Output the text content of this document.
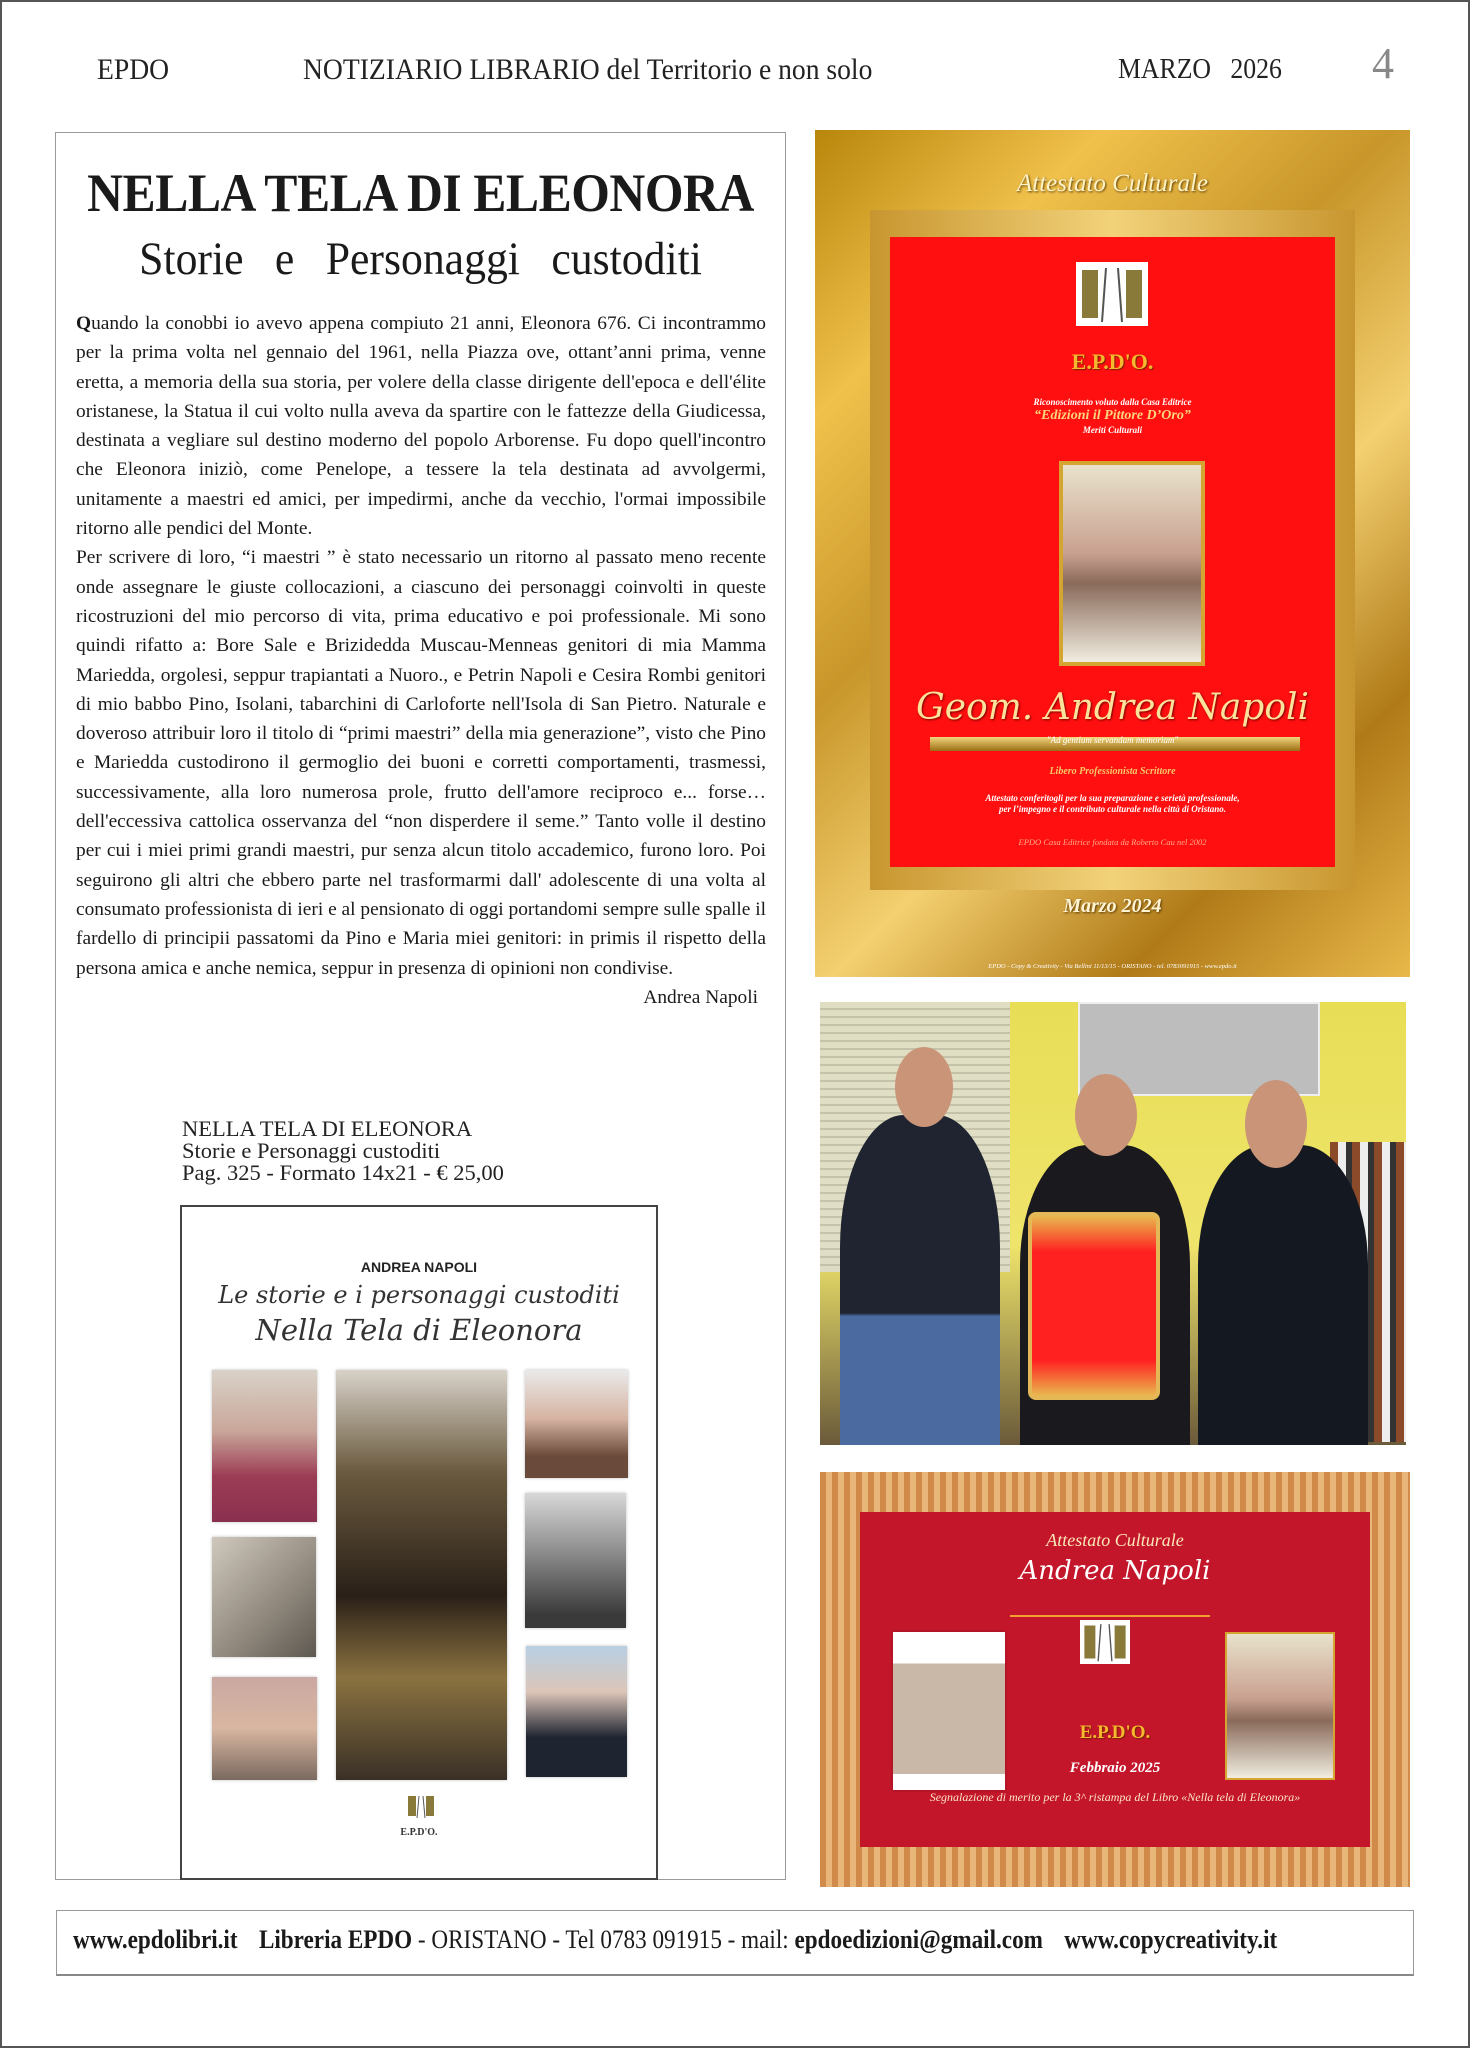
EPDO	NOTIZIARIO LIBRARIO del Territorio e non solo	MARZO   2026 4
NELLA TELA DI ELEONORA
Storie e Personaggi custoditi

Quando la conobbi io avevo appena compiuto 21 anni, Eleonora 676. Ci incontrammo per la prima volta nel gennaio del 1961, nella Piazza ove, ottant’anni prima, venne eretta, a memoria della sua storia, per volere della classe dirigente dell'epoca e dell'élite oristanese, la Statua il cui volto nulla aveva da spartire con le fattezze della Giudicessa, destinata a vegliare sul destino moderno del popolo Arborense. Fu dopo quell'incontro che Eleonora iniziò, come Penelope, a tessere la tela destinata ad avvolgermi, unitamente a maestri ed amici, per impedirmi, anche da vecchio, l'ormai impossibile ritorno alle pendici del Monte.

Per scrivere di loro, “i maestri ” è stato necessario un ritorno al passato meno recente onde assegnare le giuste collocazioni, a ciascuno dei personaggi coinvolti in queste ricostruzioni del mio percorso di vita, prima educativo e poi professionale. Mi sono quindi rifatto a: Bore Sale e Brizidedda Muscau-Menneas genitori di mia Mamma Mariedda, orgolesi, seppur trapiantati a Nuoro., e Petrin Napoli e Cesira Rombi genitori di mio babbo Pino, Isolani, tabarchini di Carloforte nell'Isola di San Pietro. Naturale e doveroso attribuir loro il titolo di “primi maestri” della mia generazione”, visto che Pino e Mariedda custodirono il germoglio dei buoni e corretti comportamenti, trasmessi, successivamente, alla loro numerosa prole, frutto dell'amore reciproco e... forse… dell'eccessiva cattolica osservanza del “non disperdere il seme.” Tanto volle il destino per cui i miei primi grandi maestri, pur senza alcun titolo accademico, furono loro. Poi seguirono gli altri che ebbero parte nel trasformarmi dall' adolescente di una volta al consumato professionista di ieri e al pensionato di oggi portandomi sempre sulle spalle il fardello di principii passatomi da Pino e Maria miei genitori: in primis il rispetto della persona amica e anche nemica, seppur in presenza di opinioni non condivise.
Andrea Napoli

NELLA TELA DI ELEONORA
Storie e Personaggi custoditi
Pag. 325 - Formato 14x21 - € 25,00
ANDREA NAPOLI
Le storie e i personaggi custoditi
Nella Tela di Eleonora
E.P.D'O.
Attestato Culturale
E.P.D'O.
Riconoscimento voluto dalla Casa Editrice
“Edizioni il Pittore D’Oro”
Meriti Culturali
Libero Professionista Scrittore
Attestato conferitogli per la sua preparazione e serietà professionale,
per l’impegno e il contributo culturale nella città di Oristano.
EPDO Casa Editrice fondata da Roberto Cau nel 2002
Geom. Andrea Napoli
"Ad gentium servandam memoriam"
Marzo 2024
EPDO - Copy & Creativity - Via Bellini 11/13/15 - ORISTANO - tel. 0783091915 - www.epdo.it
Attestato Culturale
Andrea Napoli
E.P.D'O.
Febbraio 2025
Segnalazione di merito per la 3^ ristampa del Libro «Nella tela di Eleonora»
www.epdolibri.it Libreria EPDO - ORISTANO - Tel 0783 091915 - mail: epdoedizioni@gmail.com www.copycreativity.it
